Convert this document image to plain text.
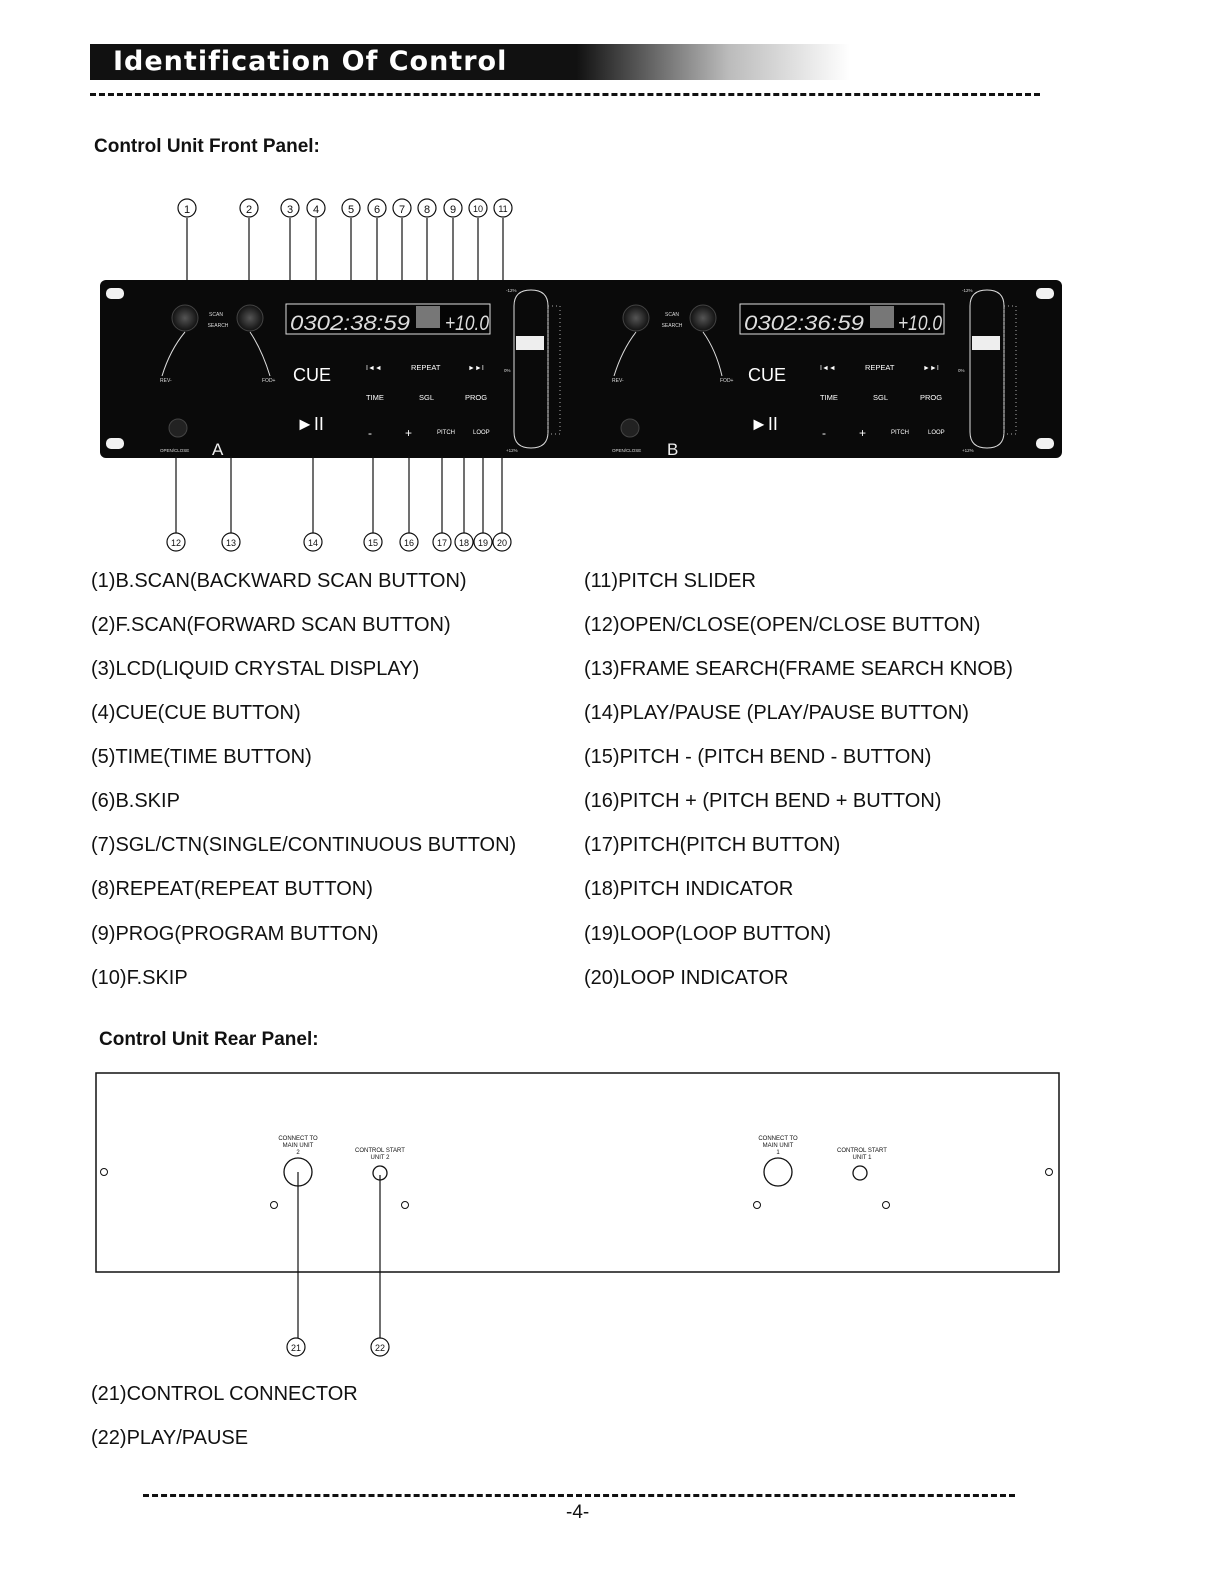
Identification Of Control
Control Unit Front Panel:
1	2	3 4	5 6 7 8 9 10 11
SCAN
SEARCH
REV-	FOD+
OPEN/CLOSE A
0302:38:59 +10.0
CUE	I◄◄	REPEAT	►►I
TIME	SGL	PROG
►II	-	+	PITCH	LOOP
-12%
0%
+12%
SCAN
SEARCH
REV-	FOD+
OPEN/CLOSE B
0302:36:59 +10.0
CUE	I◄◄	REPEAT	►►I
TIME	SGL	PROG
►II	-	+	PITCH	LOOP
-12%
0%
+12%
12	13	14	15	16	17 18 19 20
(1)B.SCAN(BACKWARD SCAN BUTTON)
(2)F.SCAN(FORWARD SCAN BUTTON)
(3)LCD(LIQUID CRYSTAL DISPLAY)
(4)CUE(CUE BUTTON)
(5)TIME(TIME BUTTON)
(6)B.SKIP
(7)SGL/CTN(SINGLE/CONTINUOUS BUTTON)
(8)REPEAT(REPEAT BUTTON)
(9)PROG(PROGRAM BUTTON)
(10)F.SKIP
(11)PITCH SLIDER
(12)OPEN/CLOSE(OPEN/CLOSE BUTTON)
(13)FRAME SEARCH(FRAME SEARCH KNOB)
(14)PLAY/PAUSE (PLAY/PAUSE BUTTON)
(15)PITCH - (PITCH BEND - BUTTON)
(16)PITCH + (PITCH BEND + BUTTON)
(17)PITCH(PITCH BUTTON)
(18)PITCH INDICATOR
(19)LOOP(LOOP BUTTON)
(20)LOOP INDICATOR
Control Unit Rear Panel:
CONNECT TO
MAIN UNIT
2	CONTROL START
UNIT 2
CONNECT TO
MAIN UNIT
1	CONTROL START
UNIT 1
21	22
(21)CONTROL CONNECTOR
(22)PLAY/PAUSE
-4-
